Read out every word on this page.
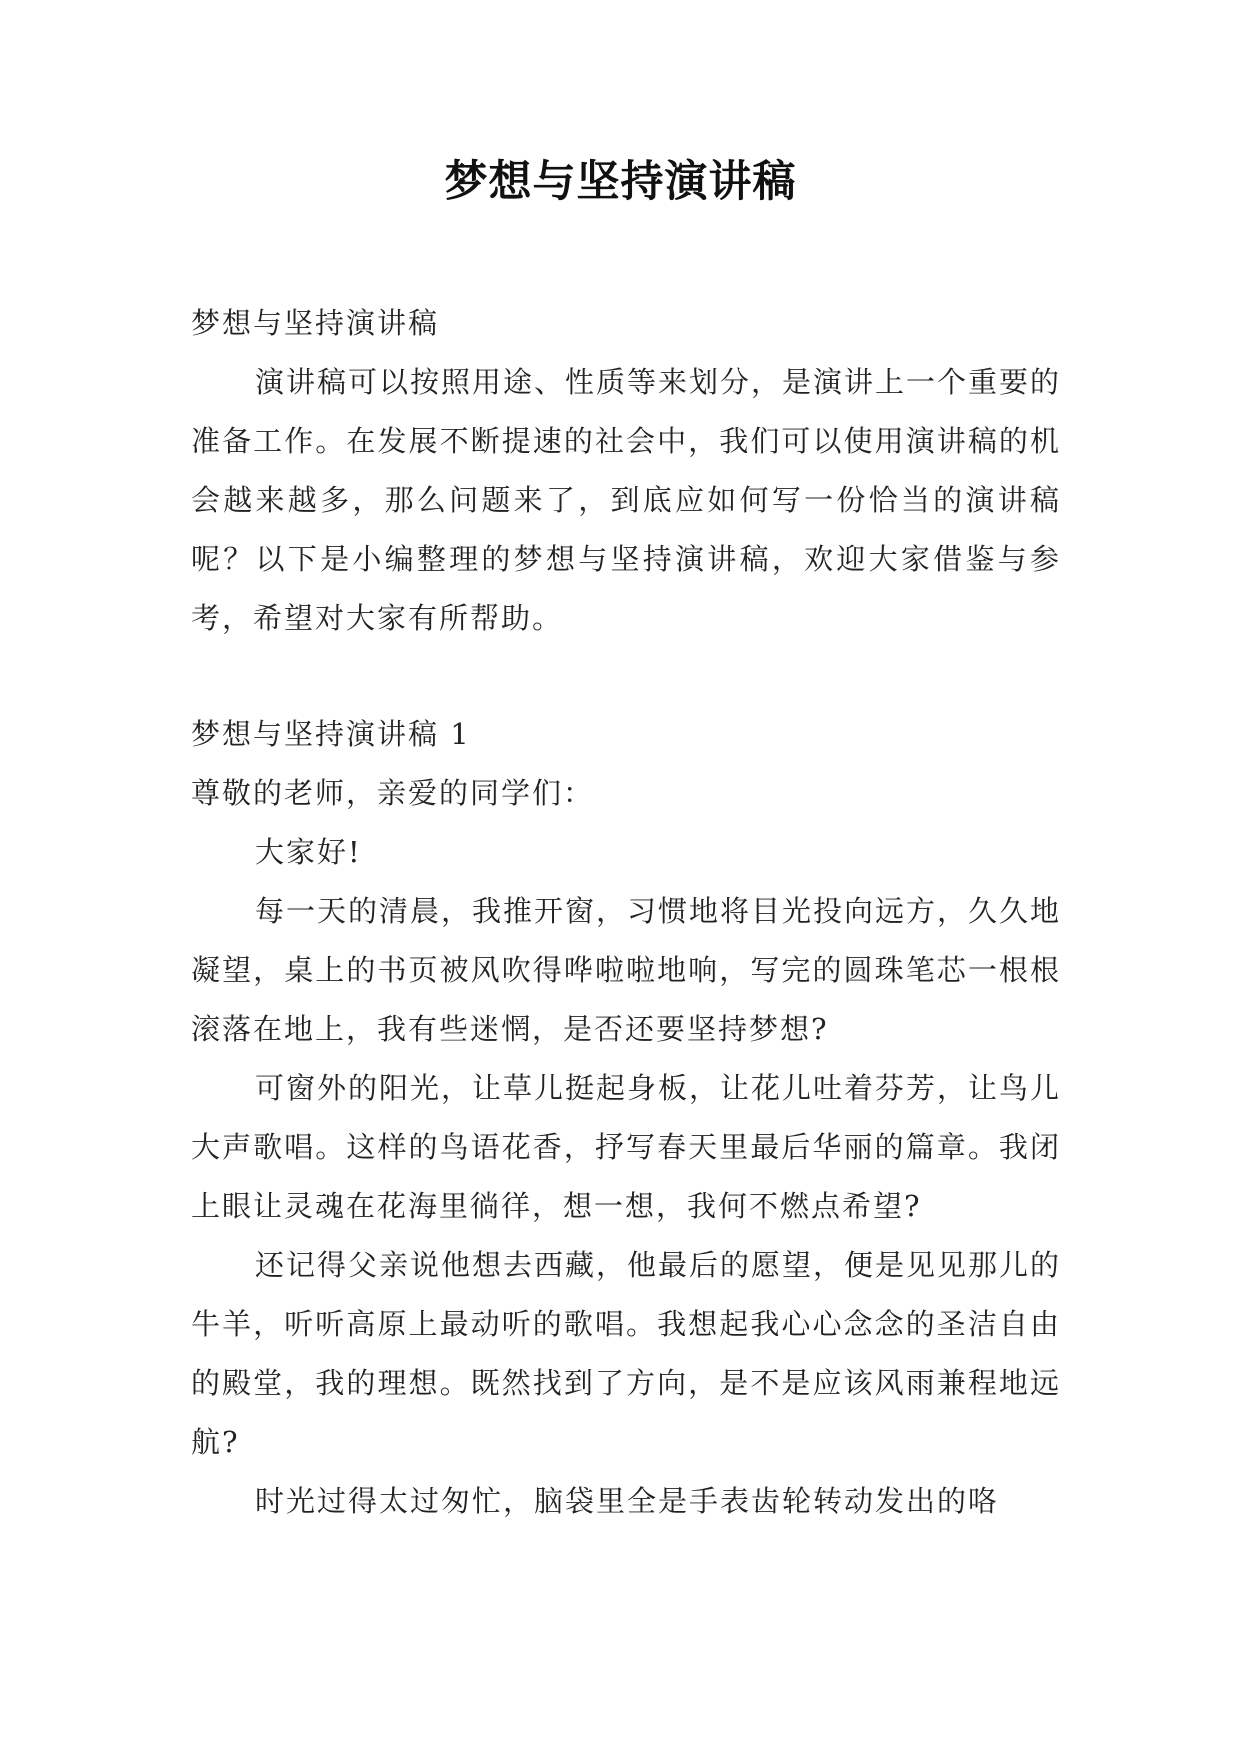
梦想与坚持演讲稿

梦想与坚持演讲稿

演讲稿可以按照用途、性质等来划分，是演讲上一个重要的准备工作。在发展不断提速的社会中，我们可以使用演讲稿的机会越来越多，那么问题来了，到底应如何写一份恰当的演讲稿呢？以下是小编整理的梦想与坚持演讲稿，欢迎大家借鉴与参考，希望对大家有所帮助。

梦想与坚持演讲稿 1

尊敬的老师，亲爱的同学们：

大家好!

每一天的清晨，我推开窗，习惯地将目光投向远方，久久地凝望，桌上的书页被风吹得哗啦啦地响，写完的圆珠笔芯一根根滚落在地上，我有些迷惘，是否还要坚持梦想?

可窗外的阳光，让草儿挺起身板，让花儿吐着芬芳，让鸟儿大声歌唱。这样的鸟语花香，抒写春天里最后华丽的篇章。我闭上眼让灵魂在花海里徜徉，想一想，我何不燃点希望?

还记得父亲说他想去西藏，他最后的愿望，便是见见那儿的牛羊，听听高原上最动听的歌唱。我想起我心心念念的圣洁自由的殿堂，我的理想。既然找到了方向，是不是应该风雨兼程地远航?

时光过得太过匆忙，脑袋里全是手表齿轮转动发出的咯
